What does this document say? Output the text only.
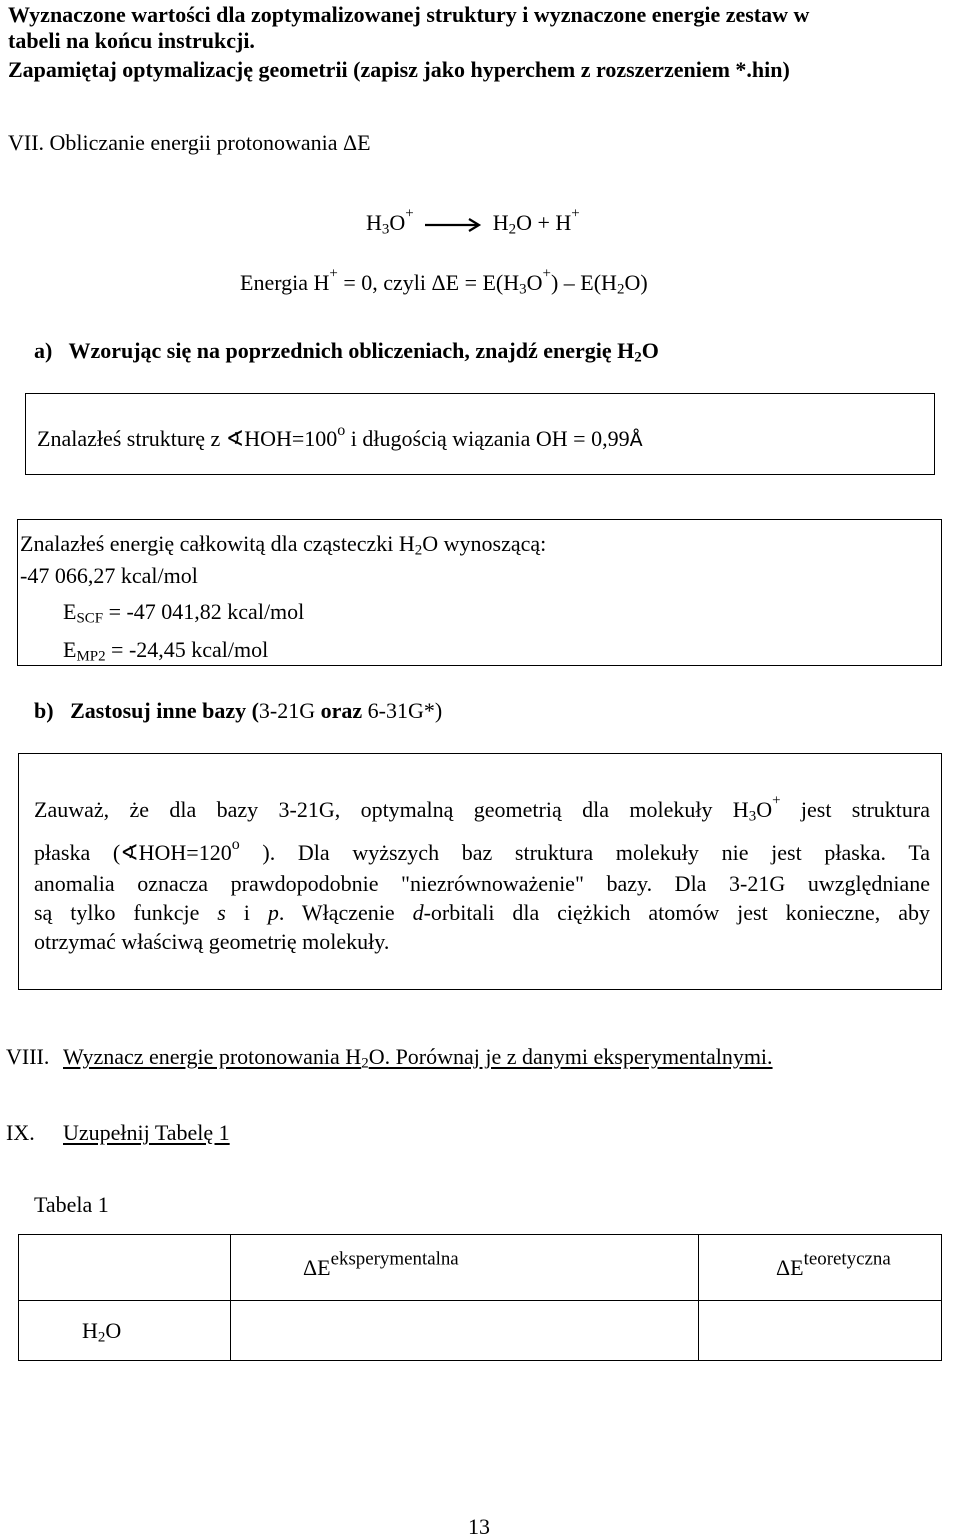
Wyznaczone wartości dla zoptymalizowanej struktury i wyznaczone energie zestaw w
tabeli na końcu instrukcji.
Zapamiętaj optymalizację geometrii (zapisz jako hyperchem z rozszerzeniem *.hin)
VII. Obliczanie energii protonowania ΔE
$H_3O^+ \to H_2O + H^+$
Energia H+ = 0, czyli $\Delta E = E(H_3O^+) - E(H_2O)$
a) Wzorując się na poprzednich obliczeniach, znajdź energię $H_2O$
Znalazłeś strukturę z $∢HOH=100^o$ i długością wiązania OH = 0,99Å
Znalazłeś energię całkowitą dla cząsteczki $H_2O$ wynoszącą:
-47 066,27 kcal/mol
$E_{SCF} = -47$ 041,82 kcal/mol
$E_{MP2} = -24,45$ kcal/mol
b) Zastosuj inne bazy (3-21G oraz 6-31G*)
Zauważ, że dla bazy 3-21G, optymalną geometrią dla molekuły $H_3O^+$ jest struktura
płaska ($∢HOH=120^o$ ). Dla wyższych baz struktura molekuły nie jest płaska. Ta
anomalia oznacza prawdopodobnie "niezrównoważenie" bazy. Dla 3-21G uwzględniane
są tylko funkcje s i p. Włączenie d-orbitali dla ciężkich atomów jest konieczne, aby
otrzymać właściwą geometrię molekuły.
VIII. Wyznacz energie protonowania $H_2O$. Porównaj je z danymi eksperymentalnymi.
IX. Uzupełnij Tabelę 1
Tabela 1
	$\Delta E^{eksperymentalna}$	$\Delta E^{teoretyczna}$
$H_2O$		
13
